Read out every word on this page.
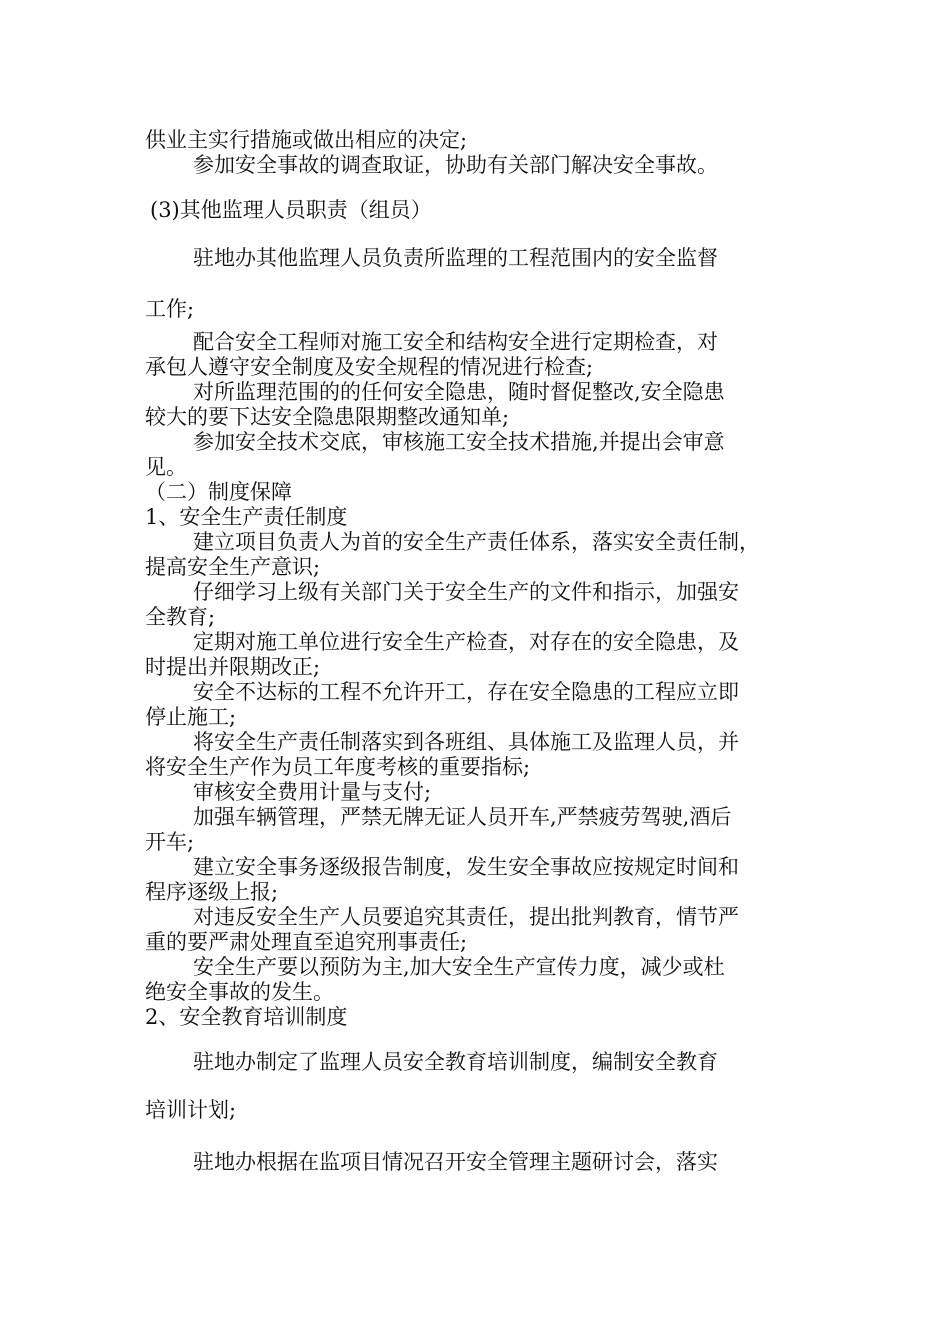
供业主实行措施或做出相应的决定;
参加安全事故的调查取证，协助有关部门解决安全事故。
(3)其他监理人员职责（组员）
驻地办其他监理人员负责所监理的工程范围内的安全监督
工作;
配合安全工程师对施工安全和结构安全进行定期检查，对
承包人遵守安全制度及安全规程的情况进行检查;
对所监理范围的的任何安全隐患，随时督促整改,安全隐患
较大的要下达安全隐患限期整改通知单;
参加安全技术交底，审核施工安全技术措施,并提出会审意
见。
（二）制度保障
1、安全生产责任制度
建立项目负责人为首的安全生产责任体系，落实安全责任制，
提高安全生产意识;
仔细学习上级有关部门关于安全生产的文件和指示，加强安
全教育;
定期对施工单位进行安全生产检查，对存在的安全隐患，及
时提出并限期改正;
安全不达标的工程不允许开工，存在安全隐患的工程应立即
停止施工;
将安全生产责任制落实到各班组、具体施工及监理人员，并
将安全生产作为员工年度考核的重要指标;
审核安全费用计量与支付;
加强车辆管理，严禁无牌无证人员开车,严禁疲劳驾驶,酒后
开车;
建立安全事务逐级报告制度，发生安全事故应按规定时间和
程序逐级上报;
对违反安全生产人员要追究其责任，提出批判教育，情节严
重的要严肃处理直至追究刑事责任;
安全生产要以预防为主,加大安全生产宣传力度，减少或杜
绝安全事故的发生。
2、安全教育培训制度
驻地办制定了监理人员安全教育培训制度，编制安全教育
培训计划;
驻地办根据在监项目情况召开安全管理主题研讨会，落实
